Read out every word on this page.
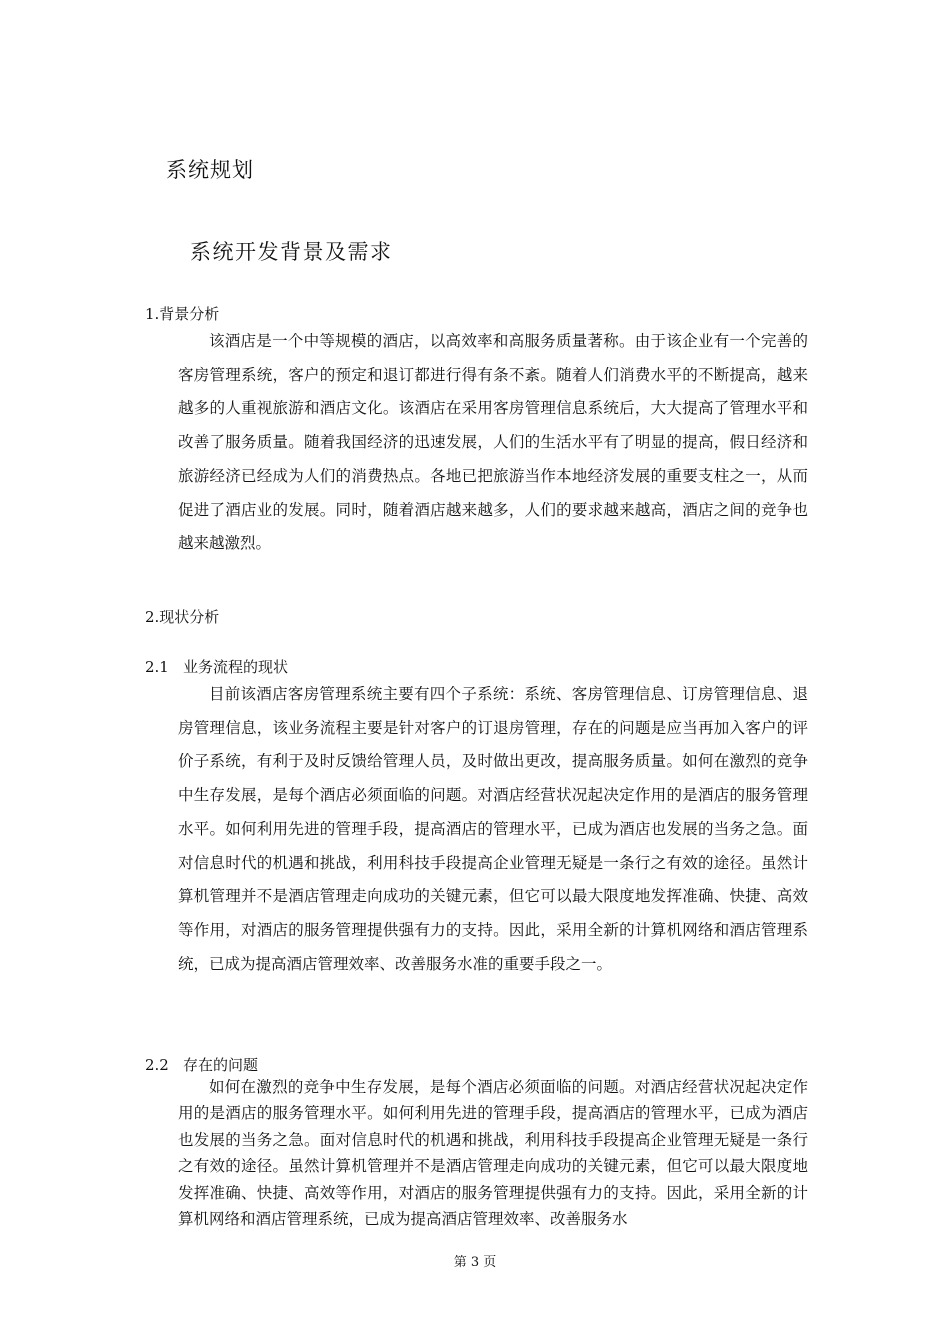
系统规划
系统开发背景及需求
1.背景分析

该酒店是一个中等规模的酒店，以高效率和高服务质量著称。由于该企业有一个完善的客房管理系统，客户的预定和退订都进行得有条不紊。随着人们消费水平的不断提高，越来越多的人重视旅游和酒店文化。该酒店在采用客房管理信息系统后，大大提高了管理水平和改善了服务质量。随着我国经济的迅速发展，人们的生活水平有了明显的提高，假日经济和旅游经济已经成为人们的消费热点。各地已把旅游当作本地经济发展的重要支柱之一，从而促进了酒店业的发展。同时，随着酒店越来越多，人们的要求越来越高，酒店之间的竞争也越来越激烈。

2.现状分析
2.1 业务流程的现状

目前该酒店客房管理系统主要有四个子系统：系统、客房管理信息、订房管理信息、退房管理信息，该业务流程主要是针对客户的订退房管理，存在的问题是应当再加入客户的评价子系统，有利于及时反馈给管理人员，及时做出更改，提高服务质量。如何在激烈的竞争中生存发展，是每个酒店必须面临的问题。对酒店经营状况起决定作用的是酒店的服务管理水平。如何利用先进的管理手段，提高酒店的管理水平，已成为酒店也发展的当务之急。面对信息时代的机遇和挑战，利用科技手段提高企业管理无疑是一条行之有效的途径。虽然计算机管理并不是酒店管理走向成功的关键元素，但它可以最大限度地发挥准确、快捷、高效等作用，对酒店的服务管理提供强有力的支持。因此，采用全新的计算机网络和酒店管理系统，已成为提高酒店管理效率、改善服务水准的重要手段之一。

2.2 存在的问题

如何在激烈的竞争中生存发展，是每个酒店必须面临的问题。对酒店经营状况起决定作用的是酒店的服务管理水平。如何利用先进的管理手段，提高酒店的管理水平，已成为酒店也发展的当务之急。面对信息时代的机遇和挑战，利用科技手段提高企业管理无疑是一条行之有效的途径。虽然计算机管理并不是酒店管理走向成功的关键元素，但它可以最大限度地发挥准确、快捷、高效等作用，对酒店的服务管理提供强有力的支持。因此，采用全新的计算机网络和酒店管理系统，已成为提高酒店管理效率、改善服务水

第 3 页
